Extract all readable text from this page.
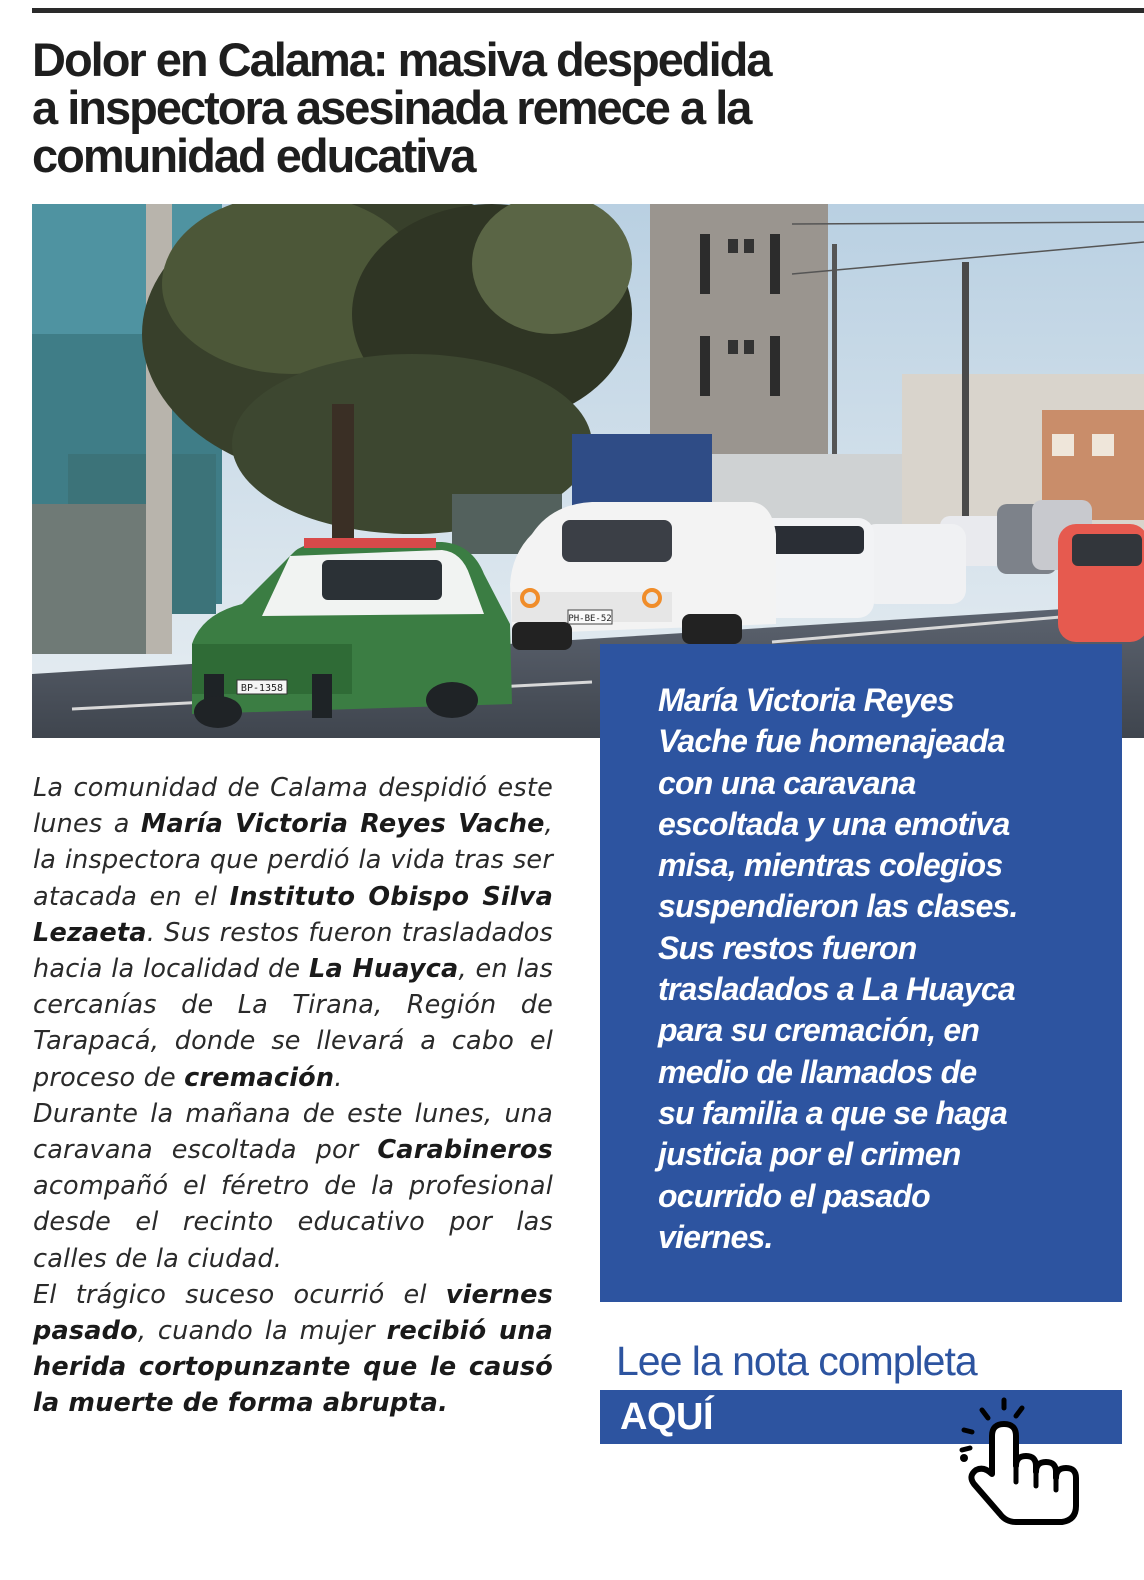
Dolor en Calama: masiva despedida
a inspectora asesinada remece a la
comunidad educativa
PH-BE-52
BP-1358

La comunidad de Calama despidió este lunes a María Victoria Reyes Vache, la inspectora que perdió la vida tras ser atacada en el Instituto Obispo Silva Lezaeta. Sus restos fueron trasladados hacia la localidad de La Huayca, en las cercanías de La Tirana, Región de Tarapacá, donde se llevará a cabo el proceso de cremación.

Durante la mañana de este lunes, una caravana escoltada por Carabineros acompañó el féretro de la profesional desde el recinto educativo por las calles de la ciudad.

El trágico suceso ocurrió el viernes pasado, cuando la mujer recibió una herida cortopunzante que le causó la muerte de forma abrupta.

María Victoria Reyes
Vache fue homenajeada
con una caravana
escoltada y una emotiva
misa, mientras colegios
suspendieron las clases.
Sus restos fueron
trasladados a La Huayca
para su cremación, en
medio de llamados de
su familia a que se haga
justicia por el crimen
ocurrido el pasado
viernes.
Lee la nota completa
AQUÍ
